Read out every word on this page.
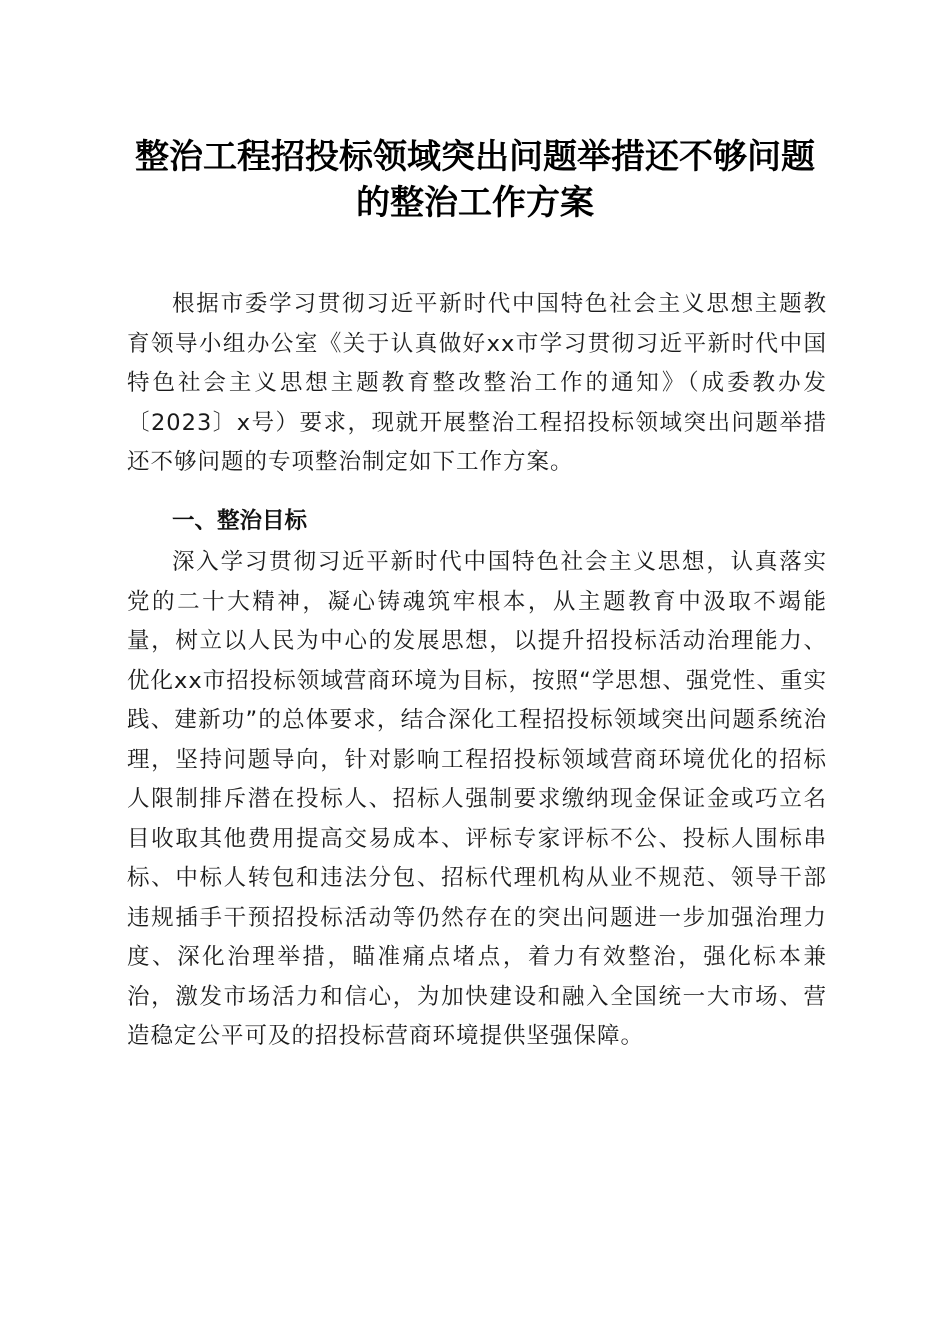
整治工程招投标领域突出问题举措还不够问题
的整治工作方案

根据市委学习贯彻习近平新时代中国特色社会主义思想主题教育领导小组办公室《关于认真做好xx市学习贯彻习近平新时代中国特色社会主义思想主题教育整改整治工作的通知》（成委教办发〔2023〕x号）要求，现就开展整治工程招投标领域突出问题举措还不够问题的专项整治制定如下工作方案。

一、整治目标

深入学习贯彻习近平新时代中国特色社会主义思想，认真落实党的二十大精神，凝心铸魂筑牢根本，从主题教育中汲取不竭能量，树立以人民为中心的发展思想，以提升招投标活动治理能力、优化xx市招投标领域营商环境为目标，按照“学思想、强党性、重实践、建新功”的总体要求，结合深化工程招投标领域突出问题系统治理，坚持问题导向，针对影响工程招投标领域营商环境优化的招标人限制排斥潜在投标人、招标人强制要求缴纳现金保证金或巧立名目收取其他费用提高交易成本、评标专家评标不公、投标人围标串标、中标人转包和违法分包、招标代理机构从业不规范、领导干部违规插手干预招投标活动等仍然存在的突出问题进一步加强治理力度、深化治理举措，瞄准痛点堵点，着力有效整治，强化标本兼治，激发市场活力和信心，为加快建设和融入全国统一大市场、营造稳定公平可及的招投标营商环境提供坚强保障。
